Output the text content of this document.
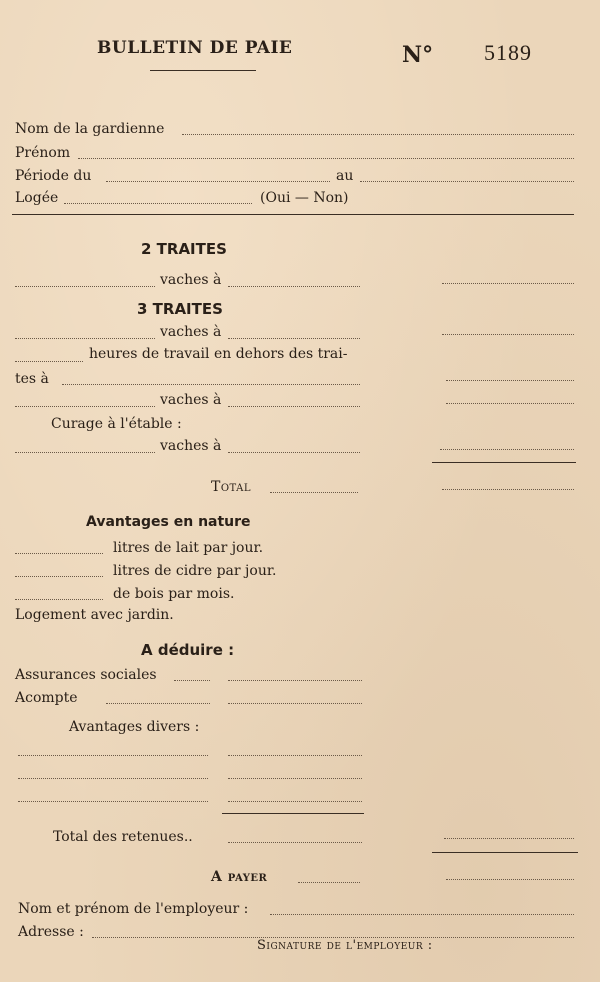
BULLETIN DE PAIE	N° 5189
Nom de la gardienne
Prénom
Période du	au
Logée	(Oui — Non)
2 TRAITES
vaches à
3 TRAITES
vaches à
heures de travail en dehors des trai-
tes à
vaches à
Curage à l'étable :
vaches à
Total
Avantages en nature
litres de lait par jour.
litres de cidre par jour.
de bois par mois.
Logement avec jardin.
A déduire :
Assurances sociales
Acompte
Avantages divers :
Total des retenues..
A payer
Nom et prénom de l'employeur :
Adresse :
Signature de l'employeur :
